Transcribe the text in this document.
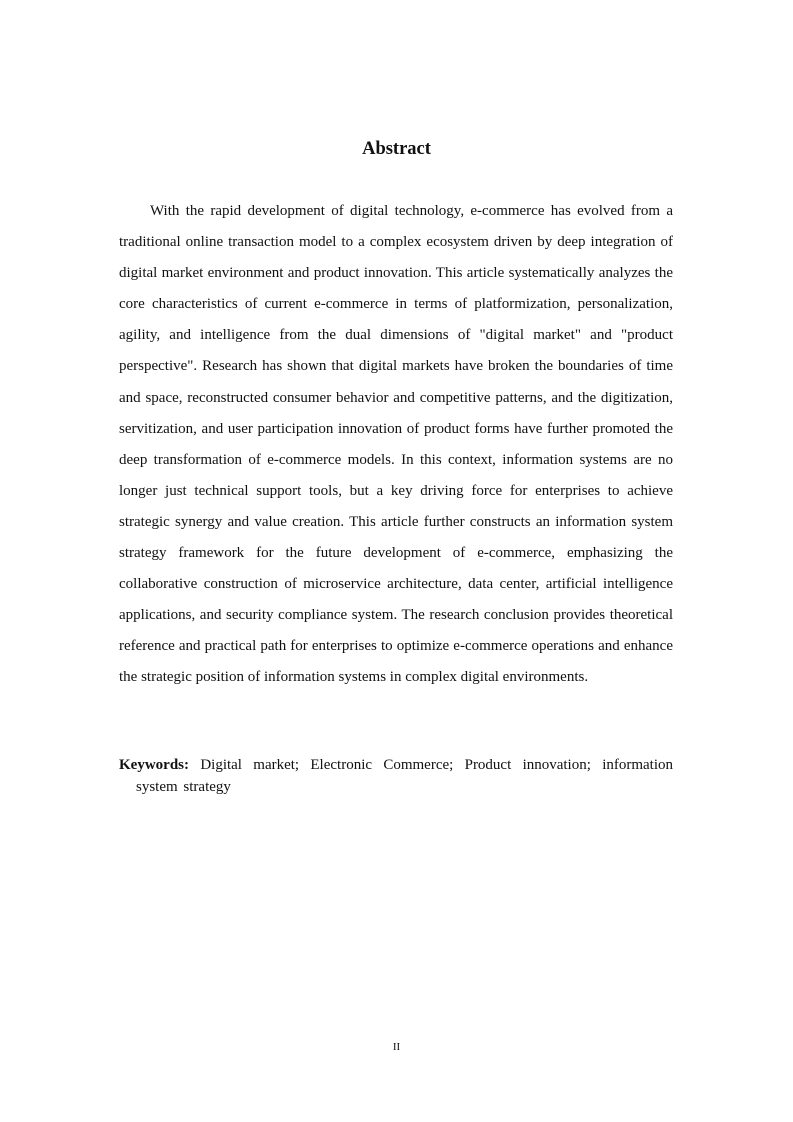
Abstract

With the rapid development of digital technology, e-commerce has evolved from a traditional online transaction model to a complex ecosystem driven by deep integration of digital market environment and product innovation. This article systematically analyzes the core characteristics of current e-commerce in terms of platformization, personalization, agility, and intelligence from the dual dimensions of "digital market" and "product perspective". Research has shown that digital markets have broken the boundaries of time and space, reconstructed consumer behavior and competitive patterns, and the digitization, servitization, and user participation innovation of product forms have further promoted the deep transformation of e-commerce models. In this context, information systems are no longer just technical support tools, but a key driving force for enterprises to achieve strategic synergy and value creation. This article further constructs an information system strategy framework for the future development of e-commerce, emphasizing the collaborative construction of microservice architecture, data center, artificial intelligence applications, and security compliance system. The research conclusion provides theoretical reference and practical path for enterprises to optimize e-commerce operations and enhance the strategic position of information systems in complex digital environments.

Keywords: Digital market; Electronic Commerce; Product innovation; information system strategy
II
